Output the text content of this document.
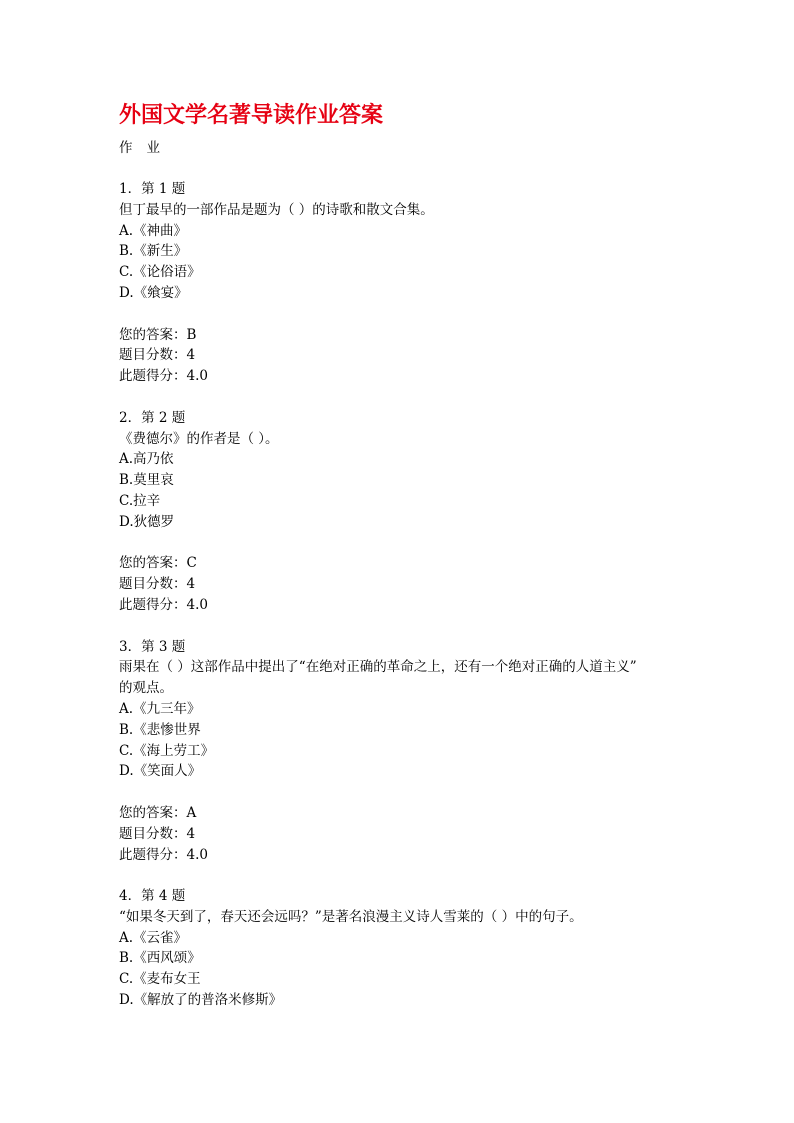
外国文学名著导读作业答案
作 业
1．第 1 题
但丁最早的一部作品是题为（ ）的诗歌和散文合集。
A.《神曲》
B.《新生》
C.《论俗语》
D.《飨宴》
您的答案：B
题目分数：4
此题得分：4.0
2．第 2 题
《费德尔》的作者是（ ）。
A.高乃依
B.莫里哀
C.拉辛
D.狄德罗
您的答案：C
题目分数：4
此题得分：4.0
3．第 3 题
雨果在（ ）这部作品中提出了“在绝对正确的革命之上，还有一个绝对正确的人道主义”
的观点。
A.《九三年》
B.《悲惨世界
C.《海上劳工》
D.《笑面人》
您的答案：A
题目分数：4
此题得分：4.0
4．第 4 题
“如果冬天到了，春天还会远吗？”是著名浪漫主义诗人雪莱的（ ）中的句子。
A.《云雀》
B.《西风颂》
C.《麦布女王
D.《解放了的普洛米修斯》
